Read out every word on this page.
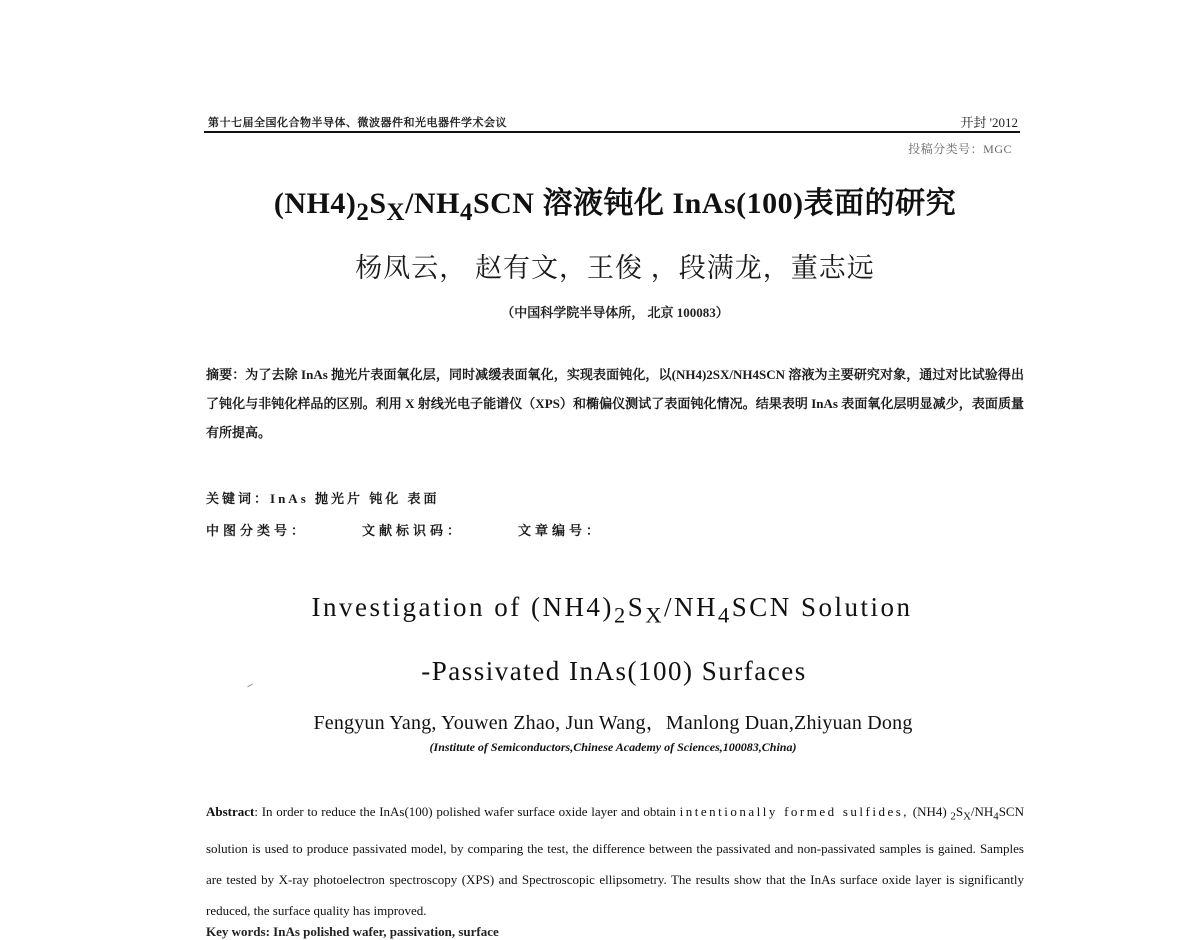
第十七届全国化合物半导体、微波器件和光电器件学术会议	开封 '2012
投稿分类号：MGC
$(NH4)_2S_X/NH_4SCN$ 溶液钝化 InAs(100)表面的研究
杨凤云， 赵有文，王俊 ，段满龙，董志远
（中国科学院半导体所， 北京 100083）
摘要：为了去除 InAs 抛光片表面氧化层，同时减缓表面氧化，实现表面钝化，以(NH4)2SX/NH4SCN 溶液为主要研究对象，通过对比试验得出了钝化与非钝化样品的区别。利用 X 射线光电子能谱仪（XPS）和椭偏仪测试了表面钝化情况。结果表明 InAs 表面氧化层明显减少，表面质量有所提高。
关键词：InAs 抛光片 钝化 表面
中图分类号：	文献标识码：	文章编号：
Investigation of $(NH4)_2S_X/NH_4SCN$ Solution
-Passivated InAs(100) Surfaces
Fengyun Yang, Youwen Zhao, Jun Wang，Manlong Duan,Zhiyuan Dong
(Institute of Semiconductors,Chinese Academy of Sciences,100083,China)
Abstract: In order to reduce the InAs(100) polished wafer surface oxide layer and obtain intentionally formed sulfides, (NH4) $_2S_X/NH_4SCN$ solution is used to produce passivated model, by comparing the test, the difference between the passivated and non-passivated samples is gained. Samples are tested by X-ray photoelectron spectroscopy (XPS) and Spectroscopic ellipsometry. The results show that the InAs surface oxide layer is significantly reduced, the surface quality has improved.
Key words: InAs polished wafer, passivation, surface
